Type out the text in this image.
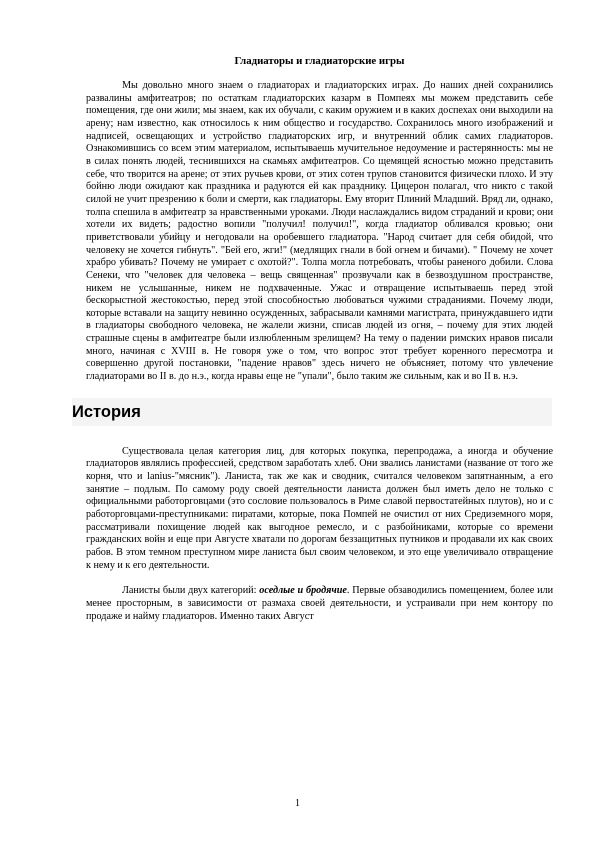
Гладиаторы и гладиаторские игры

Мы довольно много знаем о гладиаторах и гладиаторских играх. До наших дней сохранились развалины амфитеатров; по остаткам гладиаторских казарм в Помпеях мы можем представить себе помещения, где они жили; мы знаем, как их обучали, с каким оружием и в каких доспехах они выходили на арену; нам известно, как относилось к ним общество и государство. Сохранилось много изображений и надписей, освещающих и устройство гладиаторских игр, и внутренний облик самих гладиаторов. Ознакомившись со всем этим материалом, испытываешь мучительное недоумение и растерянность: мы не в силах понять людей, теснившихся на скамьях амфитеатров. Со щемящей ясностью можно представить себе, что творится на арене; от этих ручьев крови, от этих сотен трупов становится физически плохо. И эту бойню люди ожидают как праздника и радуются ей как празднику. Цицерон полагал, что никто с такой силой не учит презрению к боли и смерти, как гладиаторы. Ему вторит Плиний Младший. Вряд ли, однако, толпа спешила в амфитеатр за нравственными уроками. Люди наслаждались видом страданий и крови; они хотели их видеть; радостно вопили "получил! получил!", когда гладиатор обливался кровью; они приветствовали убийцу и негодовали на оробевшего гладиатора. "Народ считает для себя обидой, что человеку не хочется гибнуть". "Бей его, жги!" (медлящих гнали в бой огнем и бичами). " Почему не хочет храбро убивать? Почему не умирает с охотой?". Толпа могла потребовать, чтобы раненого добили. Слова Сенеки, что "человек для человека – вещь священная" прозвучали как в безвоздушном пространстве, никем не услышанные, никем не подхваченные. Ужас и отвращение испытываешь перед этой бескорыстной жестокостью, перед этой способностью любоваться чужими страданиями. Почему люди, которые вставали на защиту невинно осужденных, забрасывали камнями магистрата, принуждавшего идти в гладиаторы свободного человека, не жалели жизни, списав людей из огня, – почему для этих людей страшные сцены в амфитеатре были излюбленным зрелищем? На тему о падении римских нравов писали много, начиная с XVIII в. Не говоря уже о том, что вопрос этот требует коренного пересмотра и совершенно другой постановки, "падение нравов" здесь ничего не объясняет, потому что увлечение гладиаторами во II в. до н.э., когда нравы еще не "упали", было таким же сильным, как и во II в. н.э.

История

Существовала целая категория лиц, для которых покупка, перепродажа, а иногда и обучение гладиаторов являлись профессией, средством заработать хлеб. Они звались ланистами (название от того же корня, что и lanius-"мясник"). Ланиста, так же как и сводник, считался человеком запятнанным, а его занятие – подлым. По самому роду своей деятельности ланиста должен был иметь дело не только с официальными работорговцами (это сословие пользовалось в Риме славой первостатейных плутов), но и с работорговцами-преступниками: пиратами, которые, пока Помпей не очистил от них Средиземного моря, рассматривали похищение людей как выгодное ремесло, и с разбойниками, которые со времени гражданских войн и еще при Августе хватали по дорогам беззащитных путников и продавали их как своих рабов. В этом темном преступном мире ланиста был своим человеком, и это еще увеличивало отвращение к нему и к его деятельности.

Ланисты были двух категорий: оседлые и бродячие. Первые обзаводились помещением, более или менее просторным, в зависимости от размаха своей деятельности, и устраивали при нем контору по продаже и найму гладиаторов. Именно таких Август

1
